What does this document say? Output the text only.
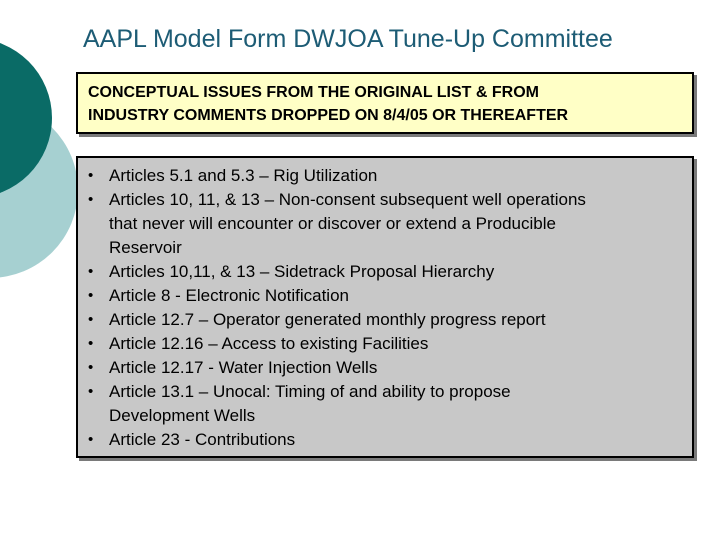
AAPL Model Form DWJOA Tune-Up Committee
CONCEPTUAL ISSUES FROM THE ORIGINAL LIST & FROM
INDUSTRY COMMENTS DROPPED ON 8/4/05 OR THEREAFTER
• Articles 5.1 and 5.3 – Rig Utilization
• Articles 10, 11, & 13 – Non-consent subsequent well operations
that never will encounter or discover or extend a Producible
Reservoir
• Articles 10,11, & 13 – Sidetrack Proposal Hierarchy
• Article 8 - Electronic Notification
• Article 12.7 – Operator generated monthly progress report
• Article 12.16 – Access to existing Facilities
• Article 12.17 - Water Injection Wells
• Article 13.1 – Unocal: Timing of and ability to propose
Development Wells
• Article 23 - Contributions
